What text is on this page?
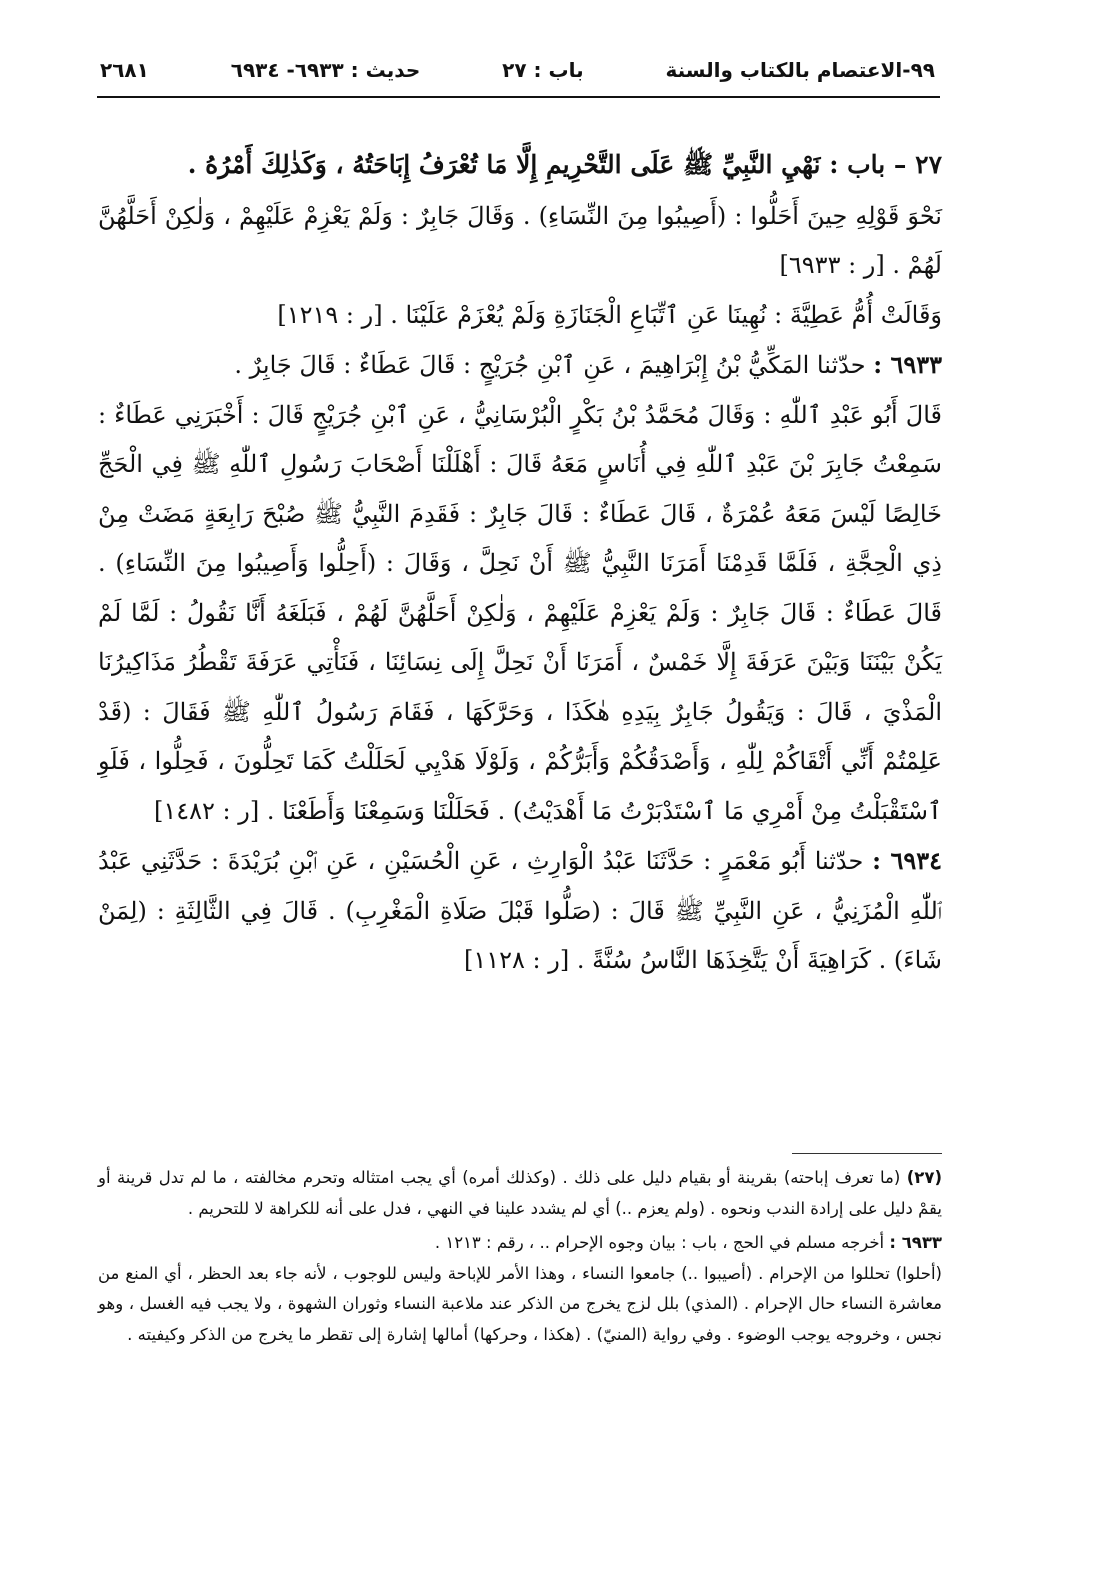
٩٩-الاعتصام بالكتاب والسنة
باب : ٢٧
حديث : ٦٩٣٣- ٦٩٣٤
٢٦٨١

٢٧ – باب : نَهْيِ النَّبِيِّ ﷺ عَلَى التَّحْرِيمِ إِلَّا مَا تُعْرَفُ إِبَاحَتُهُ ، وَكَذٰلِكَ أَمْرُهُ .

نَحْوَ قَوْلِهِ حِينَ أَحَلُّوا : (أَصِيبُوا مِنَ النِّسَاءِ) . وَقَالَ جَابِرٌ : وَلَمْ يَعْزِمْ عَلَيْهِمْ ، وَلٰكِنْ أَحَلَّهُنَّ لَهُمْ . [ر : ٦٩٣٣]

وَقَالَتْ أُمُّ عَطِيَّةَ : نُهِينَا عَنِ ٱتِّبَاعِ الْجَنَازَةِ وَلَمْ يُعْزَمْ عَلَيْنَا . [ر : ١٢١٩]

٦٩٣٣ : حدّثنا المَكِّيُّ بْنُ إِبْرَاهِيمَ ، عَنِ ٱبْنِ جُرَيْجٍ : قَالَ عَطَاءٌ : قَالَ جَابِرٌ .

قَالَ أَبُو عَبْدِ ٱللّٰهِ : وَقَالَ مُحَمَّدُ بْنُ بَكْرٍ الْبُرْسَانِيُّ ، عَنِ ٱبْنِ جُرَيْجٍ قَالَ : أَخْبَرَنِي عَطَاءٌ : سَمِعْتُ جَابِرَ بْنَ عَبْدِ ٱللّٰهِ فِي أُنَاسٍ مَعَهُ قَالَ : أَهْلَلْنَا أَصْحَابَ رَسُولِ ٱللّٰهِ ﷺ فِي الْحَجِّ خَالِصًا لَيْسَ مَعَهُ عُمْرَةٌ ، قَالَ عَطَاءٌ : قَالَ جَابِرٌ : فَقَدِمَ النَّبِيُّ ﷺ صُبْحَ رَابِعَةٍ مَضَتْ مِنْ ذِي الْحِجَّةِ ، فَلَمَّا قَدِمْنَا أَمَرَنَا النَّبِيُّ ﷺ أَنْ نَحِلَّ ، وَقَالَ : (أَحِلُّوا وَأَصِيبُوا مِنَ النِّسَاءِ) . قَالَ عَطَاءٌ : قَالَ جَابِرٌ : وَلَمْ يَعْزِمْ عَلَيْهِمْ ، وَلٰكِنْ أَحَلَّهُنَّ لَهُمْ ، فَبَلَغَهُ أَنَّا نَقُولُ : لَمَّا لَمْ يَكُنْ بَيْنَنَا وَبَيْنَ عَرَفَةَ إِلَّا خَمْسٌ ، أَمَرَنَا أَنْ نَحِلَّ إِلَى نِسَائِنَا ، فَنَأْتِي عَرَفَةَ تَقْطُرُ مَذَاكِيرُنَا الْمَذْيَ ، قَالَ : وَيَقُولُ جَابِرٌ بِيَدِهِ هٰكَذَا ، وَحَرَّكَهَا ، فَقَامَ رَسُولُ ٱللّٰهِ ﷺ فَقَالَ : (قَدْ عَلِمْتُمْ أَنِّي أَتْقَاكُمْ لِلّٰهِ ، وَأَصْدَقُكُمْ وَأَبَرُّكُمْ ، وَلَوْلَا هَدْيِي لَحَلَلْتُ كَمَا تَحِلُّونَ ، فَحِلُّوا ، فَلَوِ ٱسْتَقْبَلْتُ مِنْ أَمْرِي مَا ٱسْتَدْبَرْتُ مَا أَهْدَيْتُ) . فَحَلَلْنَا وَسَمِعْنَا وَأَطَعْنَا . [ر : ١٤٨٢]

٦٩٣٤ : حدّثنا أَبُو مَعْمَرٍ : حَدَّثَنَا عَبْدُ الْوَارِثِ ، عَنِ الْحُسَيْنِ ، عَنِ ٱبْنِ بُرَيْدَةَ : حَدَّثَنِي عَبْدُ ٱللّٰهِ الْمُزَنِيُّ ، عَنِ النَّبِيِّ ﷺ قَالَ : (صَلُّوا قَبْلَ صَلَاةِ الْمَغْرِبِ) . قَالَ فِي الثَّالِثَةِ : (لِمَنْ شَاءَ) . كَرَاهِيَةَ أَنْ يَتَّخِذَهَا النَّاسُ سُنَّةً . [ر : ١١٢٨]

(٢٧) (ما تعرف إباحته) بقرينة أو بقيام دليل على ذلك . (وكذلك أمره) أي يجب امتثاله وتحرم مخالفته ، ما لم تدل قرينة أو يقمْ دليل على إرادة الندب ونحوه . (ولم يعزم ..) أي لم يشدد علينا في النهي ، فدل على أنه للكراهة لا للتحريم .

٦٩٣٣ : أخرجه مسلم في الحج ، باب : بيان وجوه الإحرام .. ، رقم : ١٢١٣ .

(أحلوا) تحللوا من الإحرام . (أصيبوا ..) جامعوا النساء ، وهذا الأمر للإباحة وليس للوجوب ، لأنه جاء بعد الحظر ، أي المنع من معاشرة النساء حال الإحرام . (المذي) بلل لزج يخرج من الذكر عند ملاعبة النساء وثوران الشهوة ، ولا يجب فيه الغسل ، وهو نجس ، وخروجه يوجب الوضوء . وفي رواية (المنيّ) . (هكذا ، وحركها) أمالها إشارة إلى تقطر ما يخرج من الذكر وكيفيته .
